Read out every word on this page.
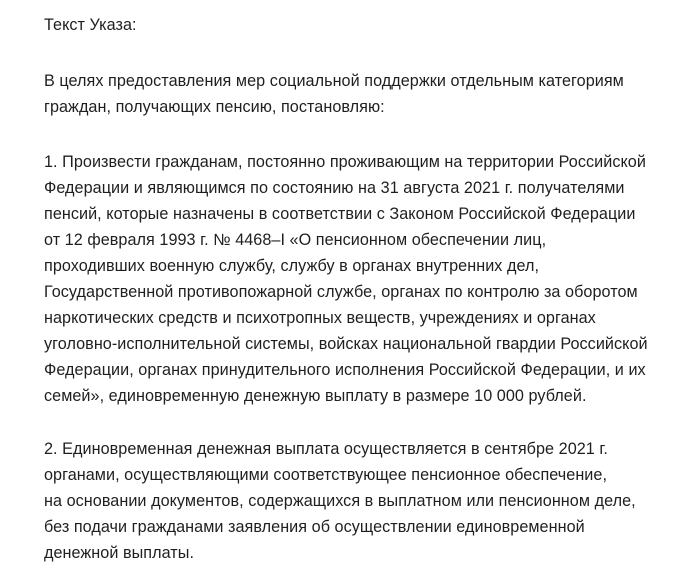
Текст Указа:
В целях предоставления мер социальной поддержки отдельным категориям
граждан, получающих пенсию, постановляю:
1. Произвести гражданам, постоянно проживающим на территории Российской
Федерации и являющимся по состоянию на 31 августа 2021 г. получателями
пенсий, которые назначены в соответствии с Законом Российской Федерации
от 12 февраля 1993 г. № 4468–I «О пенсионном обеспечении лиц,
проходивших военную службу, службу в органах внутренних дел,
Государственной противопожарной службе, органах по контролю за оборотом
наркотических средств и психотропных веществ, учреждениях и органах
уголовно-исполнительной системы, войсках национальной гвардии Российской
Федерации, органах принудительного исполнения Российской Федерации, и их
семей», единовременную денежную выплату в размере 10 000 рублей.
2. Единовременная денежная выплата осуществляется в сентябре 2021 г.
органами, осуществляющими соответствующее пенсионное обеспечение,
на основании документов, содержащихся в выплатном или пенсионном деле,
без подачи гражданами заявления об осуществлении единовременной
денежной выплаты.
